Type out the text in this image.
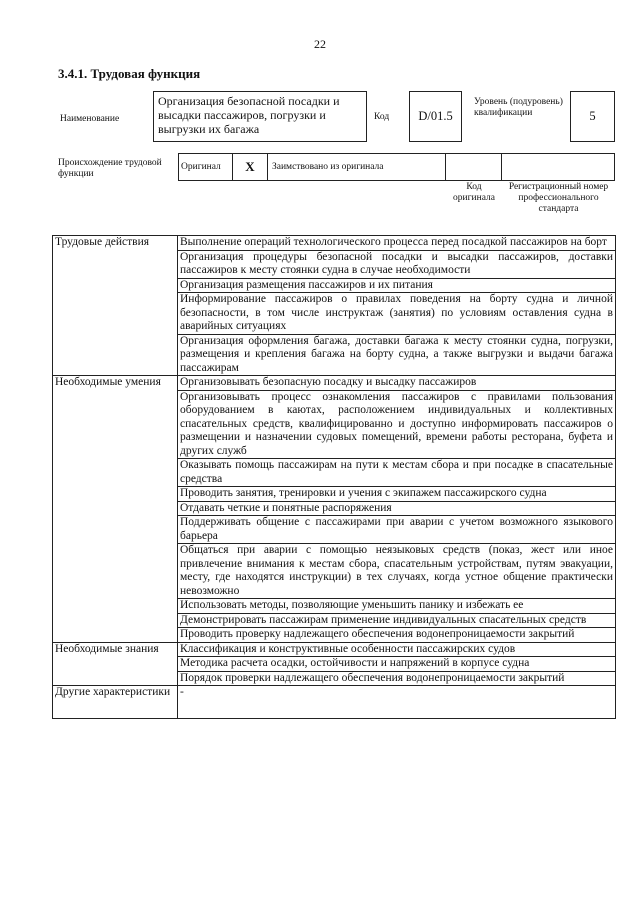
22
3.4.1. Трудовая функция
Наименование
Организация безопасной посадки и высадки пассажиров, погрузки и выгрузки их багажа
Код	D/01.5
Уровень (подуровень) квалификации	5
Происхождение трудовой функции
Оригинал	X	Заимствовано из оригинала
Код оригинала
Регистрационный номер профессионального стандарта
Трудовые действия	Выполнение операций технологического процесса перед посадкой пассажиров на борт
	Организация процедуры безопасной посадки и высадки пассажиров, доставки пассажиров к месту стоянки судна в случае необходимости
	Организация размещения пассажиров и их питания
	Информирование пассажиров о правилах поведения на борту судна и личной безопасности, в том числе инструктаж (занятия) по условиям оставления судна в аварийных ситуациях
	Организация оформления багажа, доставки багажа к месту стоянки судна, погрузки, размещения и крепления багажа на борту судна, а также выгрузки и выдачи багажа пассажирам
Необходимые умения	Организовывать безопасную посадку и высадку пассажиров
	Организовывать процесс ознакомления пассажиров с правилами пользования оборудованием в каютах, расположением индивидуальных и коллективных спасательных средств, квалифицированно и доступно информировать пассажиров о размещении и назначении судовых помещений, времени работы ресторана, буфета и других служб
	Оказывать помощь пассажирам на пути к местам сбора и при посадке в спасательные средства
	Проводить занятия, тренировки и учения с экипажем пассажирского судна
	Отдавать четкие и понятные распоряжения
	Поддерживать общение с пассажирами при аварии с учетом возможного языкового барьера
	Общаться при аварии с помощью неязыковых средств (показ, жест или иное привлечение внимания к местам сбора, спасательным устройствам, путям эвакуации, месту, где находятся инструкции) в тех случаях, когда устное общение практически невозможно
	Использовать методы, позволяющие уменьшить панику и избежать ее
	Демонстрировать пассажирам применение индивидуальных спасательных средств
	Проводить проверку надлежащего обеспечения водонепроницаемости закрытий
Необходимые знания	Классификация и конструктивные особенности пассажирских судов
	Методика расчета осадки, остойчивости и напряжений в корпусе судна
	Порядок проверки надлежащего обеспечения водонепроницаемости закрытий
Другие характеристики	-
